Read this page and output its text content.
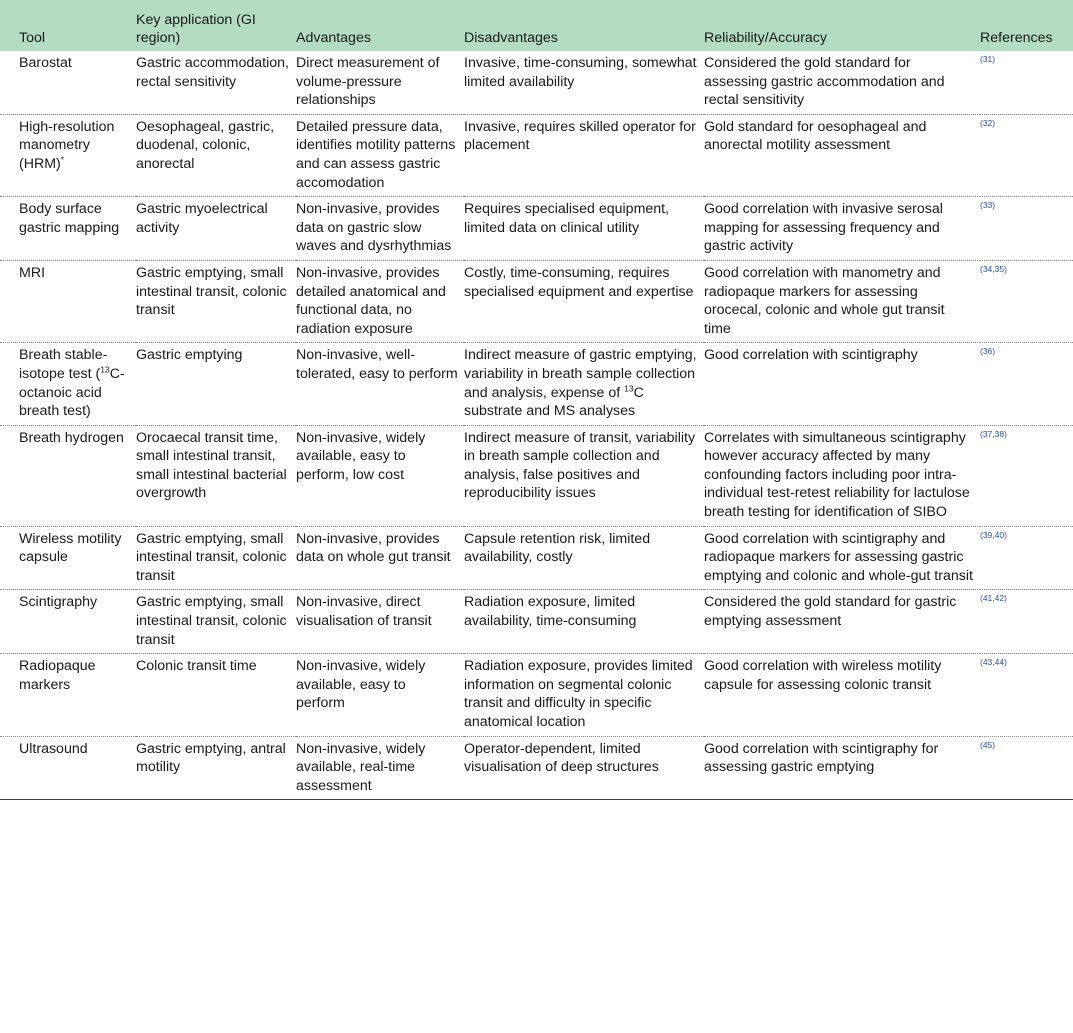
Tool	Key application (GI region)	Advantages	Disadvantages	Reliability/Accuracy	References
Barostat	Gastric accommodation, rectal sensitivity	Direct measurement of volume-pressure relationships	Invasive, time-consuming, somewhat limited availability	Considered the gold standard for assessing gastric accommodation and rectal sensitivity	$^{(31)}$
High-resolution manometry (HRM)*	Oesophageal, gastric, duodenal, colonic, anorectal	Detailed pressure data, identifies motility patterns and can assess gastric accomodation	Invasive, requires skilled operator for placement	Gold standard for oesophageal and anorectal motility assessment	$^{(32)}$
Body surface gastric mapping	Gastric myoelectrical activity	Non-invasive, provides data on gastric slow waves and dysrhythmias	Requires specialised equipment, limited data on clinical utility	Good correlation with invasive serosal mapping for assessing frequency and gastric activity	$^{(33)}$
MRI	Gastric emptying, small intestinal transit, colonic transit	Non-invasive, provides detailed anatomical and functional data, no radiation exposure	Costly, time-consuming, requires specialised equipment and expertise	Good correlation with manometry and radiopaque markers for assessing orocecal, colonic and whole gut transit time	$^{(34,35)}$
Breath stable-isotope test ($^{13}$C-octanoic acid breath test)	Gastric emptying	Non-invasive, well-tolerated, easy to perform	Indirect measure of gastric emptying, variability in breath sample collection and analysis, expense of $^{13}$C substrate and MS analyses	Good correlation with scintigraphy	$^{(36)}$
Breath hydrogen	Orocaecal transit time, small intestinal transit, small intestinal bacterial overgrowth	Non-invasive, widely available, easy to perform, low cost	Indirect measure of transit, variability in breath sample collection and analysis, false positives and reproducibility issues	Correlates with simultaneous scintigraphy however accuracy affected by many confounding factors including poor intra-individual test-retest reliability for lactulose breath testing for identification of SIBO	$^{(37,38)}$
Wireless motility capsule	Gastric emptying, small intestinal transit, colonic transit	Non-invasive, provides data on whole gut transit	Capsule retention risk, limited availability, costly	Good correlation with scintigraphy and radiopaque markers for assessing gastric emptying and colonic and whole-gut transit	$^{(39,40)}$
Scintigraphy	Gastric emptying, small intestinal transit, colonic transit	Non-invasive, direct visualisation of transit	Radiation exposure, limited availability, time-consuming	Considered the gold standard for gastric emptying assessment	$^{(41,42)}$
Radiopaque markers	Colonic transit time	Non-invasive, widely available, easy to perform	Radiation exposure, provides limited information on segmental colonic transit and difficulty in specific anatomical location	Good correlation with wireless motility capsule for assessing colonic transit	$^{(43,44)}$
Ultrasound	Gastric emptying, antral motility	Non-invasive, widely available, real-time assessment	Operator-dependent, limited visualisation of deep structures	Good correlation with scintigraphy for assessing gastric emptying	$^{(45)}$
